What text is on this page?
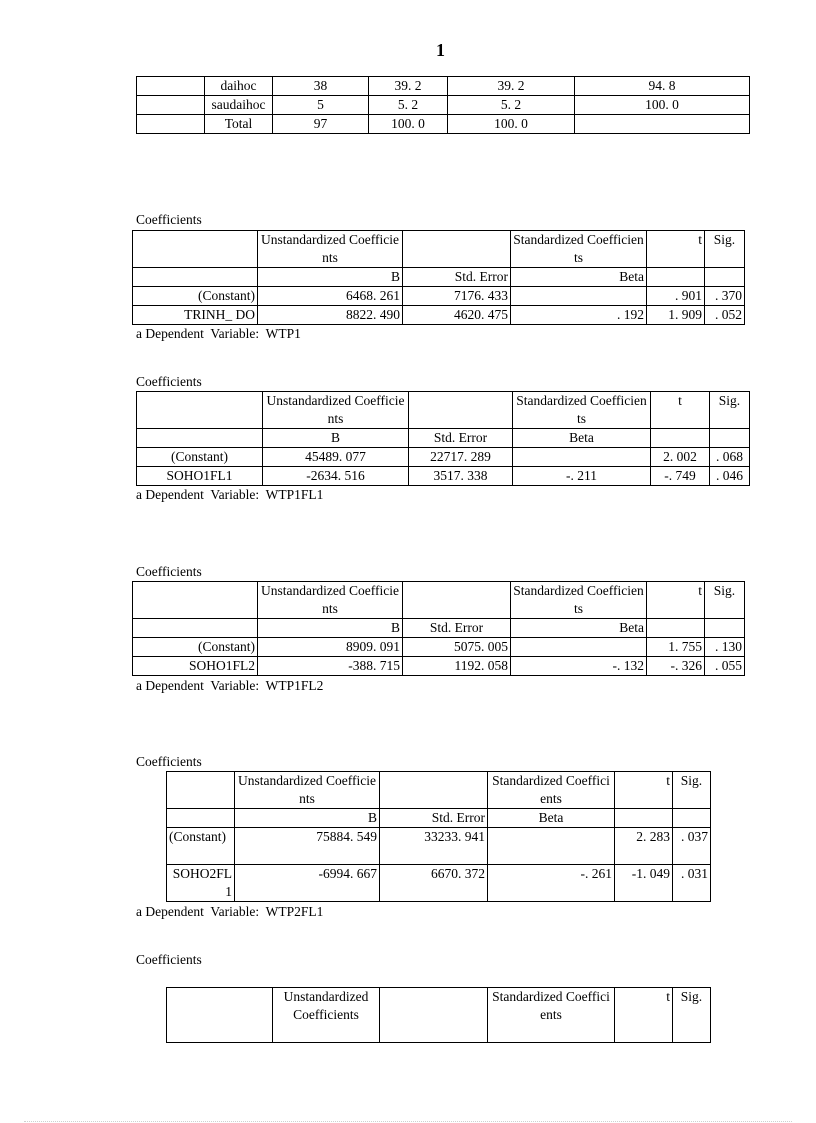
1
	daihoc	38	39. 2	39. 2	94. 8
	saudaihoc	5	5. 2	5. 2	100. 0
	Total	97	100. 0	100. 0	
Coefficients
	Unstandardized Coefficients		Standardized Coefficients	t	Sig.
	B	Std. Error	Beta		
(Constant)	6468. 261	7176. 433		. 901	. 370
TRINH_ DO	8822. 490	4620. 475	. 192	1. 909	. 052
a Dependent  Variable:  WTP1
Coefficients
	Unstandardized Coefficients		Standardized Coefficients	t	Sig.
	B	Std. Error	Beta		
(Constant)	45489. 077	22717. 289		2. 002	. 068
SOHO1FL1	-2634. 516	3517. 338	-. 211	-. 749	. 046
a Dependent  Variable:  WTP1FL1
Coefficients
	Unstandardized Coefficients		Standardized Coefficients	t	Sig.
	B	Std. Error	Beta		
(Constant)	8909. 091	5075. 005		1. 755	. 130
SOHO1FL2	-388. 715	1192. 058	-. 132	-. 326	. 055
a Dependent  Variable:  WTP1FL2
Coefficients
	Unstandardized Coefficients		Standardized Coefficients	t	Sig.
	B	Std. Error	Beta		
(Constant)	75884. 549	33233. 941		2. 283	. 037
SOHO2FL1	-6994. 667	6670. 372	-. 261	-1. 049	. 031
a Dependent  Variable:  WTP2FL1
Coefficients
	Unstandardized Coefficients		Standardized Coefficients	t	Sig.
